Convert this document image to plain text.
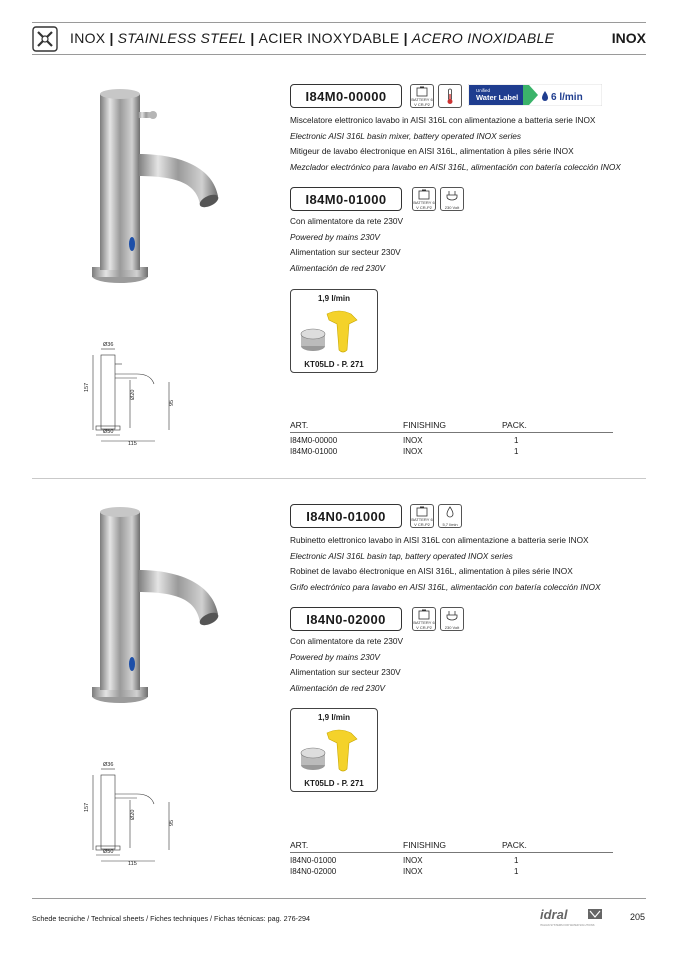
INOX | STAINLESS STEEL | ACIER INOXYDABLE | ACERO INOXIDABLE	INOX
Ø36
157
Ø20
95
Ø50
115
I84M0-00000	BATTERY 6 V CR-P2
Unified
Water Label	6 l/min
Miscelatore elettronico lavabo in AISI 316L con alimentazione a batteria serie INOX
Electronic AISI 316L basin mixer, battery operated INOX series
Mitigeur de lavabo électronique en AISI 316L, alimentation à piles série INOX
Mezclador electrónico para lavabo en AISI 316L, alimentación con batería colección INOX
I84M0-01000	BATTERY 6 V CR-P2	230 Volt
Con alimentatore da rete 230V
Powered by mains 230V
Alimentation sur secteur 230V
Alimentación de red 230V
1,9 l/min
KT05LD - P. 271
ART.	FINISHING	PACK.
I84M0-00000	INOX	1
I84M0-01000	INOX	1
Ø36
157
Ø20
95
Ø50
115
I84N0-01000	BATTERY 6 V CR-P2	5,7 l/min
Rubinetto elettronico lavabo in AISI 316L con alimentazione a batteria serie INOX
Electronic AISI 316L basin tap, battery operated INOX series
Robinet de lavabo électronique en AISI 316L, alimentation à piles série INOX
Grifo electrónico para lavabo en AISI 316L, alimentación con batería colección INOX
I84N0-02000	BATTERY 6 V CR-P2	230 Volt
Con alimentatore da rete 230V
Powered by mains 230V
Alimentation sur secteur 230V
Alimentación de red 230V
1,9 l/min
KT05LD - P. 271
ART.	FINISHING	PACK.
I84N0-01000	INOX	1
I84N0-02000	INOX	1
Schede tecniche / Technical sheets / Fiches techniques / Fichas técnicas: pag. 276-294	idral
ITALIAN SYSTEMS FOR WATER SOLUTIONS
205
